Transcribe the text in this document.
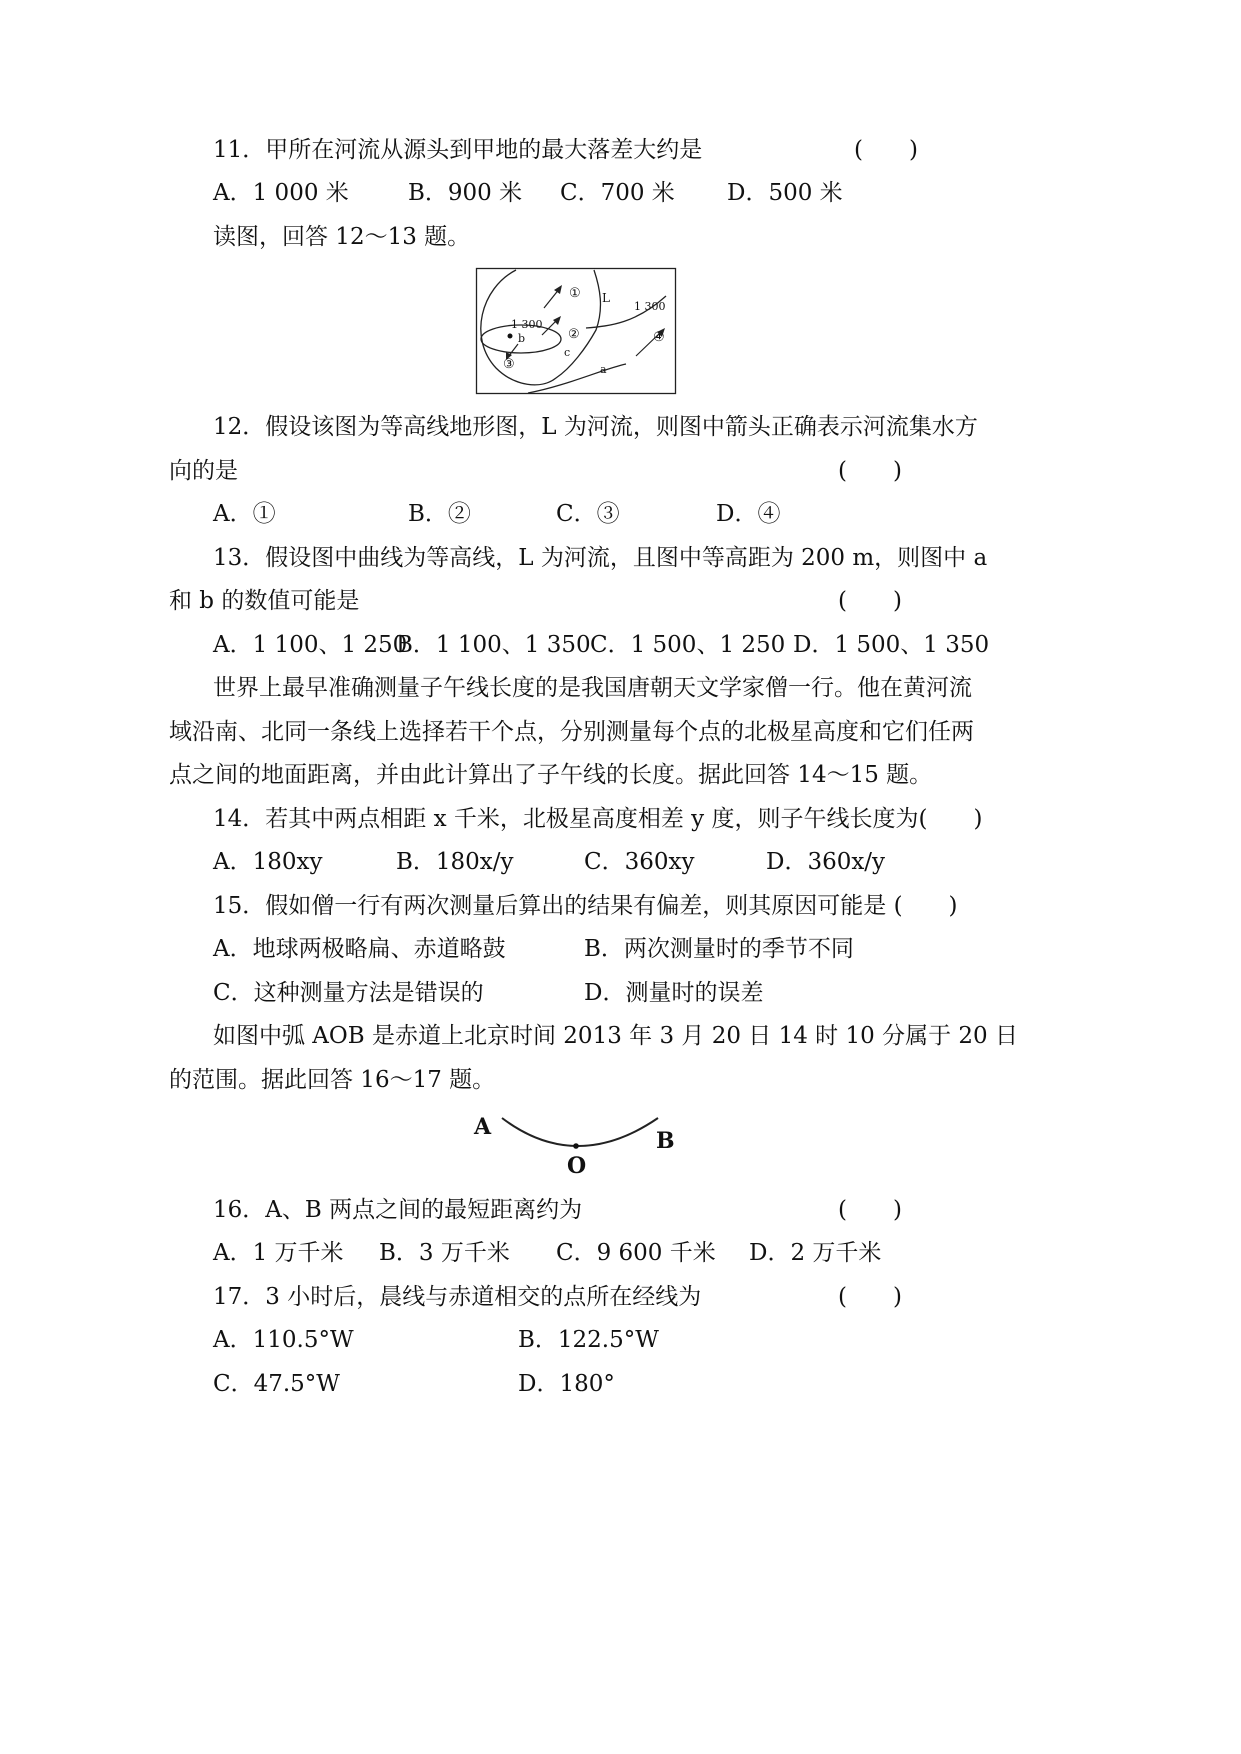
11．甲所在河流从源头到甲地的最大落差大约是	(　　)
A．1 000 米	B．900 米 C．700 米 D．500 米
读图，回答 12～13 题。
① L
1 300
1 300
②
b
c
④
③	a
12．假设该图为等高线地形图，L 为河流，则图中箭头正确表示河流集水方
向的是	(　　)
A．①	B．②	C．③	D．④
13．假设图中曲线为等高线，L 为河流，且图中等高距为 200 m，则图中 a
和 b 的数值可能是	(　　)
A．1 100、1 250
B．1 100、1 350 C．1 500、1 250 D．1 500、1 350
世界上最早准确测量子午线长度的是我国唐朝天文学家僧一行。他在黄河流
域沿南、北同一条线上选择若干个点，分别测量每个点的北极星高度和它们任两
点之间的地面距离，并由此计算出了子午线的长度。据此回答 14～15 题。
14．若其中两点相距 x 千米，北极星高度相差 y 度，则子午线长度为(　　)
A．180xy	B．180x/y	C．360xy	D．360x/y
15．假如僧一行有两次测量后算出的结果有偏差，则其原因可能是 (　　)
A．地球两极略扁、赤道略鼓	B．两次测量时的季节不同
C．这种测量方法是错误的	D．测量时的误差
如图中弧 AOB 是赤道上北京时间 2013 年 3 月 20 日 14 时 10 分属于 20 日
的范围。据此回答 16～17 题。
A
B
O
16．A、B 两点之间的最短距离约为	(　　)
A．1 万千米 B．3 万千米 C．9 600 千米 D．2 万千米
17．3 小时后，晨线与赤道相交的点所在经线为	(　　)
A．110.5°W	B．122.5°W
C．47.5°W	D．180°
